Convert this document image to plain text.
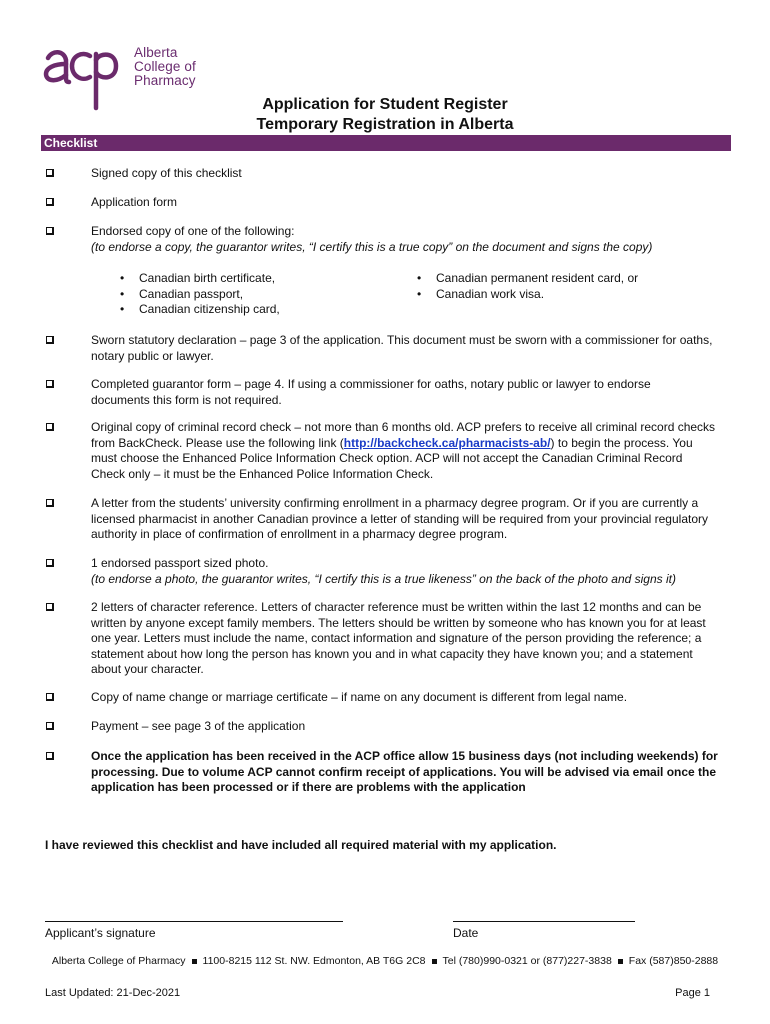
Alberta
College of
Pharmacy
Application for Student Register
Temporary Registration in Alberta
Checklist
Signed copy of this checklist
Application form
Endorsed copy of one of the following:
(to endorse a copy, the guarantor writes, “I certify this is a true copy” on the document and signs the copy)
• Canadian birth certificate,
• Canadian passport,
• Canadian citizenship card,
• Canadian permanent resident card, or
• Canadian work visa.
Sworn statutory declaration – page 3 of the application. This document must be sworn with a commissioner for oaths, notary public or lawyer.
Completed guarantor form – page 4. If using a commissioner for oaths, notary public or lawyer to endorse documents this form is not required.
Original copy of criminal record check – not more than 6 months old. ACP prefers to receive all criminal record checks from BackCheck. Please use the following link (http://backcheck.ca/pharmacists-ab/) to begin the process. You must choose the Enhanced Police Information Check option. ACP will not accept the Canadian Criminal Record Check only – it must be the Enhanced Police Information Check.
A letter from the students’ university confirming enrollment in a pharmacy degree program. Or if you are currently a licensed pharmacist in another Canadian province a letter of standing will be required from your provincial regulatory authority in place of confirmation of enrollment in a pharmacy degree program.
1 endorsed passport sized photo.
(to endorse a photo, the guarantor writes, “I certify this is a true likeness” on the back of the photo and signs it)
2 letters of character reference. Letters of character reference must be written within the last 12 months and can be written by anyone except family members. The letters should be written by someone who has known you for at least one year. Letters must include the name, contact information and signature of the person providing the reference; a statement about how long the person has known you and in what capacity they have known you; and a statement about your character.
Copy of name change or marriage certificate – if name on any document is different from legal name.
Payment – see page 3 of the application
Once the application has been received in the ACP office allow 15 business days (not including weekends) for processing. Due to volume ACP cannot confirm receipt of applications. You will be advised via email once the application has been processed or if there are problems with the application
I have reviewed this checklist and have included all required material with my application.
Applicant’s signature	Date
Alberta College of Pharmacy 1100-8215 112 St. NW. Edmonton, AB T6G 2C8 Tel (780)990-0321 or (877)227-3838 Fax (587)850-2888
Last Updated: 21-Dec-2021	Page 1
